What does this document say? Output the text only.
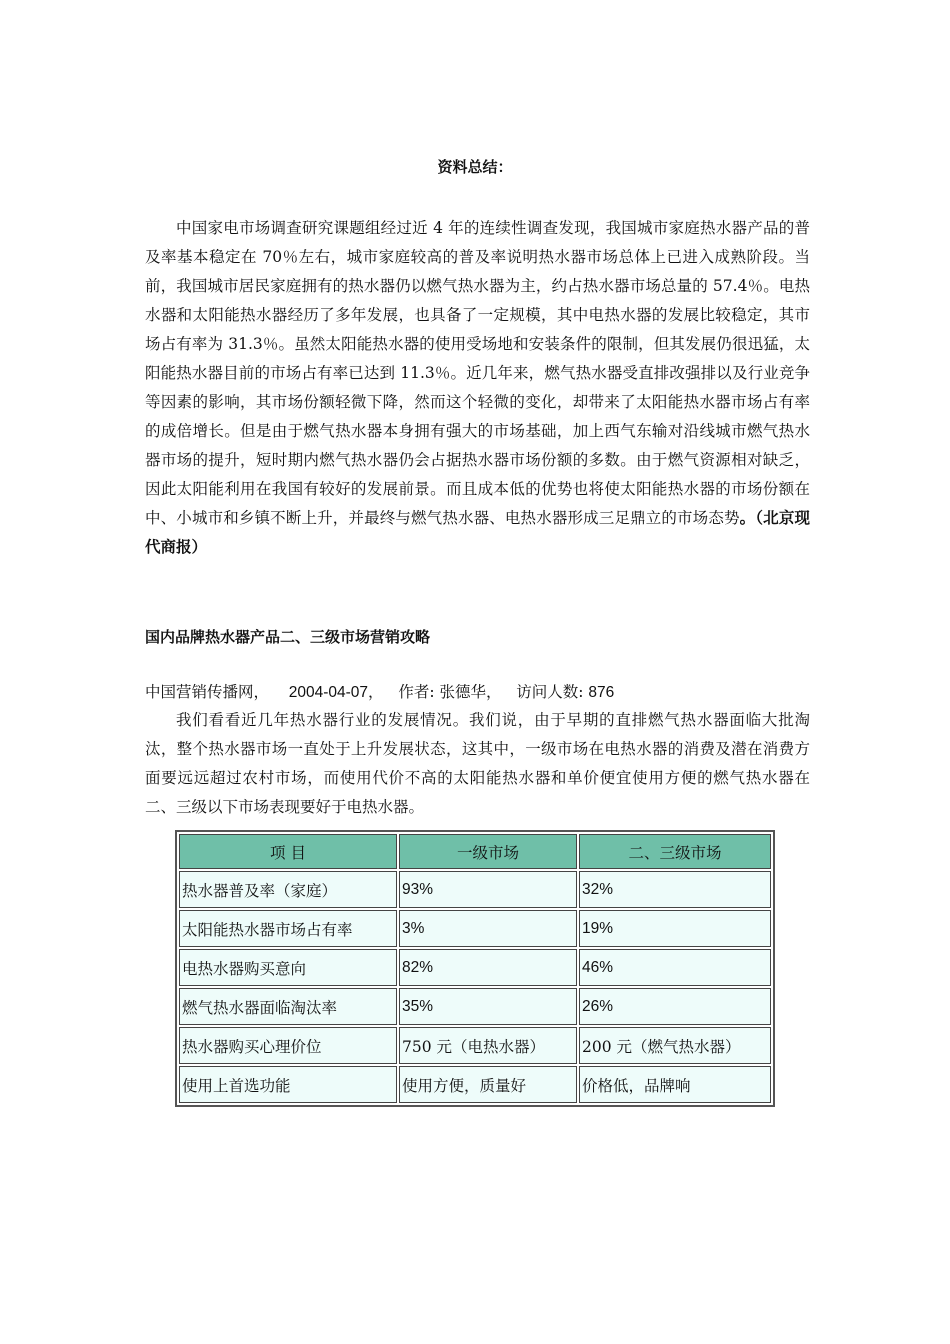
资料总结：

中国家电市场调查研究课题组经过近 4 年的连续性调查发现，我国城市家庭热水器产品的普及率基本稳定在 70％左右，城市家庭较高的普及率说明热水器市场总体上已进入成熟阶段。当前，我国城市居民家庭拥有的热水器仍以燃气热水器为主，约占热水器市场总量的 57.4％。电热水器和太阳能热水器经历了多年发展，也具备了一定规模，其中电热水器的发展比较稳定，其市场占有率为 31.3％。虽然太阳能热水器的使用受场地和安装条件的限制，但其发展仍很迅猛，太阳能热水器目前的市场占有率已达到 11.3％。近几年来，燃气热水器受直排改强排以及行业竞争等因素的影响，其市场份额轻微下降，然而这个轻微的变化，却带来了太阳能热水器市场占有率的成倍增长。但是由于燃气热水器本身拥有强大的市场基础，加上西气东输对沿线城市燃气热水器市场的提升，短时期内燃气热水器仍会占据热水器市场份额的多数。由于燃气资源相对缺乏，因此太阳能利用在我国有较好的发展前景。而且成本低的优势也将使太阳能热水器的市场份额在中、小城市和乡镇不断上升，并最终与燃气热水器、电热水器形成三足鼎立的市场态势。（北京现代商报）

国内品牌热水器产品二、三级市场营销攻略
中国营销传播网， 2004-04-07， 作者: 张德华， 访问人数: 876

我们看看近几年热水器行业的发展情况。我们说，由于早期的直排燃气热水器面临大批淘汰，整个热水器市场一直处于上升发展状态，这其中，一级市场在电热水器的消费及潜在消费方面要远远超过农村市场，而使用代价不高的太阳能热水器和单价便宜使用方便的燃气热水器在二、三级以下市场表现要好于电热水器。

项 目	一级市场	二、三级市场
热水器普及率（家庭）	93%	32%
太阳能热水器市场占有率	3%	19%
电热水器购买意向	82%	46%
燃气热水器面临淘汰率	35%	26%
热水器购买心理价位	750 元（电热水器）	200 元（燃气热水器）
使用上首选功能	使用方便，质量好	价格低，品牌响
